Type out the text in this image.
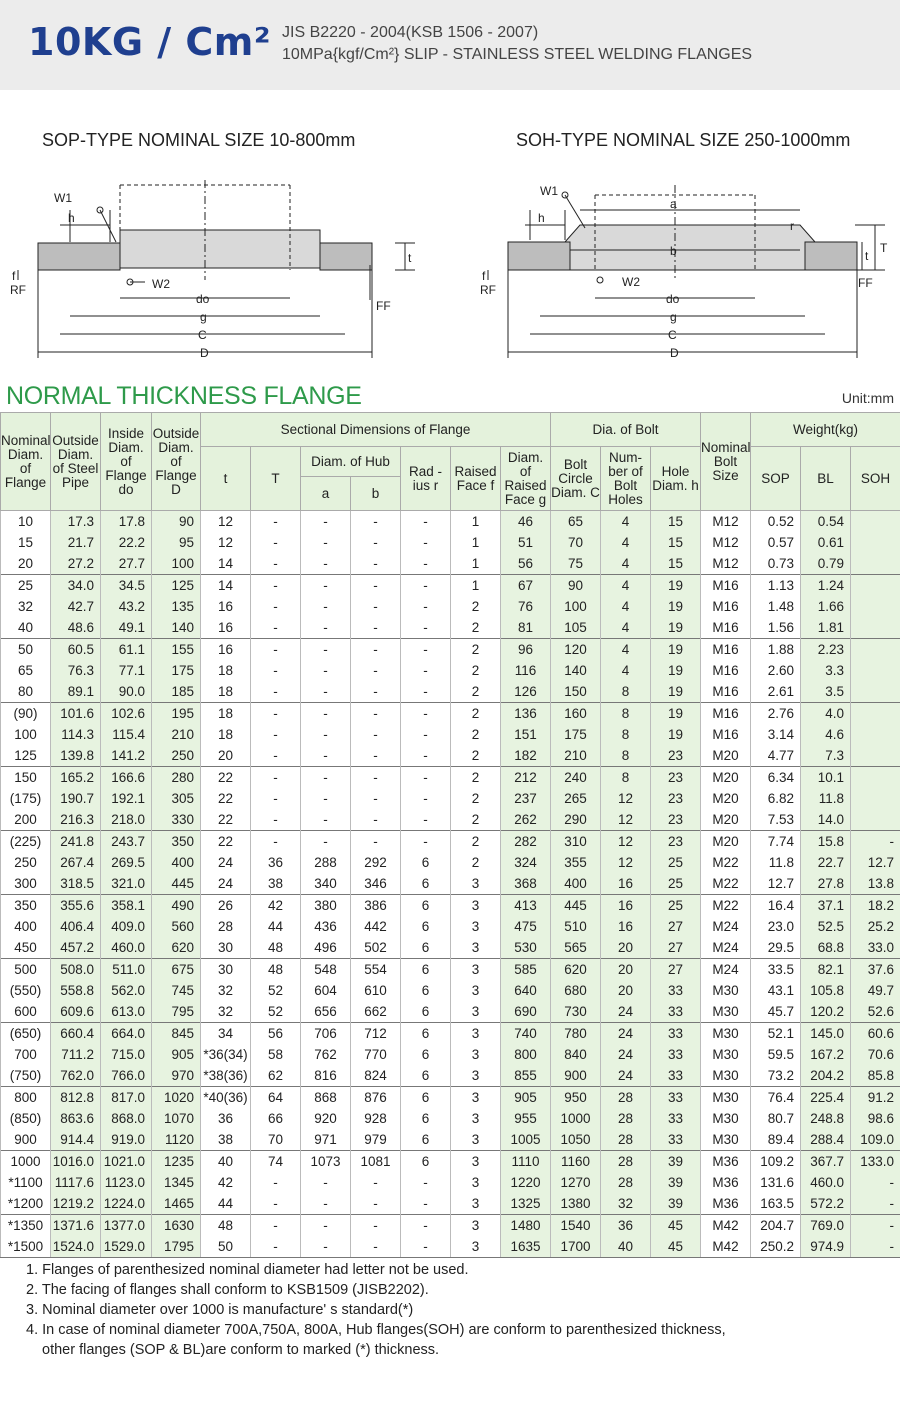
10KG / Cm² JIS B2220 - 2004(KSB 1506 - 2007)
10MPa{kgf/Cm²} SLIP - STAINLESS STEEL WELDING FLANGES
SOP-TYPE NOMINAL SIZE 10-800mm	SOH-TYPE NOMINAL SIZE 250-1000mm
W1
h
W2
do
g
C
D
t
f
RF
FF
W1
h
a
b
W2
do
g
C
D
t
T
r
f
RF	FF
NORMAL THICKNESS FLANGE	Unit:mm
Nominal Diam. of Flange	Outside Diam. of Steel Pipe	Inside Diam. of Flange do	Outside Diam. of Flange D	Sectional Dimensions of Flange							Dia. of Bolt			Nominal Bolt Size	Weight(kg)		
				t	T	Diam. of Hub		Rad -ius r	Raised Face f	Diam. of Raised Face g	Bolt Circle Diam. C	Num- ber of Bolt Holes	Hole Diam. h		SOP	BL	SOH
						a	b										
10	17.3	17.8	90	12	-	-	-	-	1	46	65	4	15	M12	0.52	0.54	
15	21.7	22.2	95	12	-	-	-	-	1	51	70	4	15	M12	0.57	0.61	
20	27.2	27.7	100	14	-	-	-	-	1	56	75	4	15	M12	0.73	0.79	
25	34.0	34.5	125	14	-	-	-	-	1	67	90	4	19	M16	1.13	1.24	
32	42.7	43.2	135	16	-	-	-	-	2	76	100	4	19	M16	1.48	1.66	
40	48.6	49.1	140	16	-	-	-	-	2	81	105	4	19	M16	1.56	1.81	
50	60.5	61.1	155	16	-	-	-	-	2	96	120	4	19	M16	1.88	2.23	
65	76.3	77.1	175	18	-	-	-	-	2	116	140	4	19	M16	2.60	3.3	
80	89.1	90.0	185	18	-	-	-	-	2	126	150	8	19	M16	2.61	3.5	
(90)	101.6	102.6	195	18	-	-	-	-	2	136	160	8	19	M16	2.76	4.0	
100	114.3	115.4	210	18	-	-	-	-	2	151	175	8	19	M16	3.14	4.6	
125	139.8	141.2	250	20	-	-	-	-	2	182	210	8	23	M20	4.77	7.3	
150	165.2	166.6	280	22	-	-	-	-	2	212	240	8	23	M20	6.34	10.1	
(175)	190.7	192.1	305	22	-	-	-	-	2	237	265	12	23	M20	6.82	11.8	
200	216.3	218.0	330	22	-	-	-	-	2	262	290	12	23	M20	7.53	14.0	
(225)	241.8	243.7	350	22	-	-	-	-	2	282	310	12	23	M20	7.74	15.8	-
250	267.4	269.5	400	24	36	288	292	6	2	324	355	12	25	M22	11.8	22.7	12.7
300	318.5	321.0	445	24	38	340	346	6	3	368	400	16	25	M22	12.7	27.8	13.8
350	355.6	358.1	490	26	42	380	386	6	3	413	445	16	25	M22	16.4	37.1	18.2
400	406.4	409.0	560	28	44	436	442	6	3	475	510	16	27	M24	23.0	52.5	25.2
450	457.2	460.0	620	30	48	496	502	6	3	530	565	20	27	M24	29.5	68.8	33.0
500	508.0	511.0	675	30	48	548	554	6	3	585	620	20	27	M24	33.5	82.1	37.6
(550)	558.8	562.0	745	32	52	604	610	6	3	640	680	20	33	M30	43.1	105.8	49.7
600	609.6	613.0	795	32	52	656	662	6	3	690	730	24	33	M30	45.7	120.2	52.6
(650)	660.4	664.0	845	34	56	706	712	6	3	740	780	24	33	M30	52.1	145.0	60.6
700	711.2	715.0	905	*36(34)	58	762	770	6	3	800	840	24	33	M30	59.5	167.2	70.6
(750)	762.0	766.0	970	*38(36)	62	816	824	6	3	855	900	24	33	M30	73.2	204.2	85.8
800	812.8	817.0	1020	*40(36)	64	868	876	6	3	905	950	28	33	M30	76.4	225.4	91.2
(850)	863.6	868.0	1070	36	66	920	928	6	3	955	1000	28	33	M30	80.7	248.8	98.6
900	914.4	919.0	1120	38	70	971	979	6	3	1005	1050	28	33	M30	89.4	288.4	109.0
1000	1016.0	1021.0	1235	40	74	1073	1081	6	3	1110	1160	28	39	M36	109.2	367.7	133.0
*1100	1117.6	1123.0	1345	42	-	-	-	-	3	1220	1270	28	39	M36	131.6	460.0	-
*1200	1219.2	1224.0	1465	44	-	-	-	-	3	1325	1380	32	39	M36	163.5	572.2	-
*1350	1371.6	1377.0	1630	48	-	-	-	-	3	1480	1540	36	45	M42	204.7	769.0	-
*1500	1524.0	1529.0	1795	50	-	-	-	-	3	1635	1700	40	45	M42	250.2	974.9	-
1. Flanges of parenthesized nominal diameter had letter not be used.
2. The facing of flanges shall conform to KSB1509 (JISB2202).
3. Nominal diameter over 1000 is manufacture' s standard(*)
4. In case of nominal diameter 700A,750A, 800A, Hub flanges(SOH) are conform to parenthesized thickness,
other flanges (SOP & BL)are conform to marked (*) thickness.
